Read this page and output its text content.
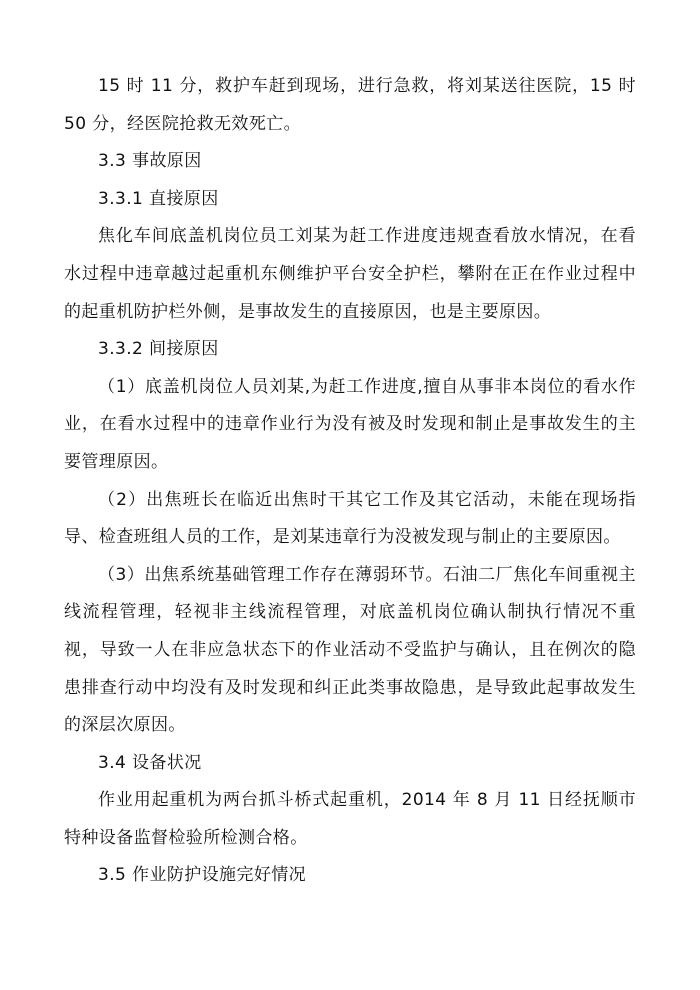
15 时 11 分，救护车赶到现场，进行急救，将刘某送往医院，15 时 50 分，经医院抢救无效死亡。

3.3 事故原因

3.3.1 直接原因

焦化车间底盖机岗位员工刘某为赶工作进度违规查看放水情况，在看水过程中违章越过起重机东侧维护平台安全护栏，攀附在正在作业过程中的起重机防护栏外侧，是事故发生的直接原因，也是主要原因。

3.3.2 间接原因

（1）底盖机岗位人员刘某,为赶工作进度,擅自从事非本岗位的看水作业，在看水过程中的违章作业行为没有被及时发现和制止是事故发生的主要管理原因。

（2）出焦班长在临近出焦时干其它工作及其它活动，未能在现场指导、检查班组人员的工作，是刘某违章行为没被发现与制止的主要原因。

（3）出焦系统基础管理工作存在薄弱环节。石油二厂焦化车间重视主线流程管理，轻视非主线流程管理，对底盖机岗位确认制执行情况不重视，导致一人在非应急状态下的作业活动不受监护与确认，且在例次的隐患排查行动中均没有及时发现和纠正此类事故隐患，是导致此起事故发生的深层次原因。

3.4 设备状况

作业用起重机为两台抓斗桥式起重机，2014 年 8 月 11 日经抚顺市特种设备监督检验所检测合格。

3.5 作业防护设施完好情况
